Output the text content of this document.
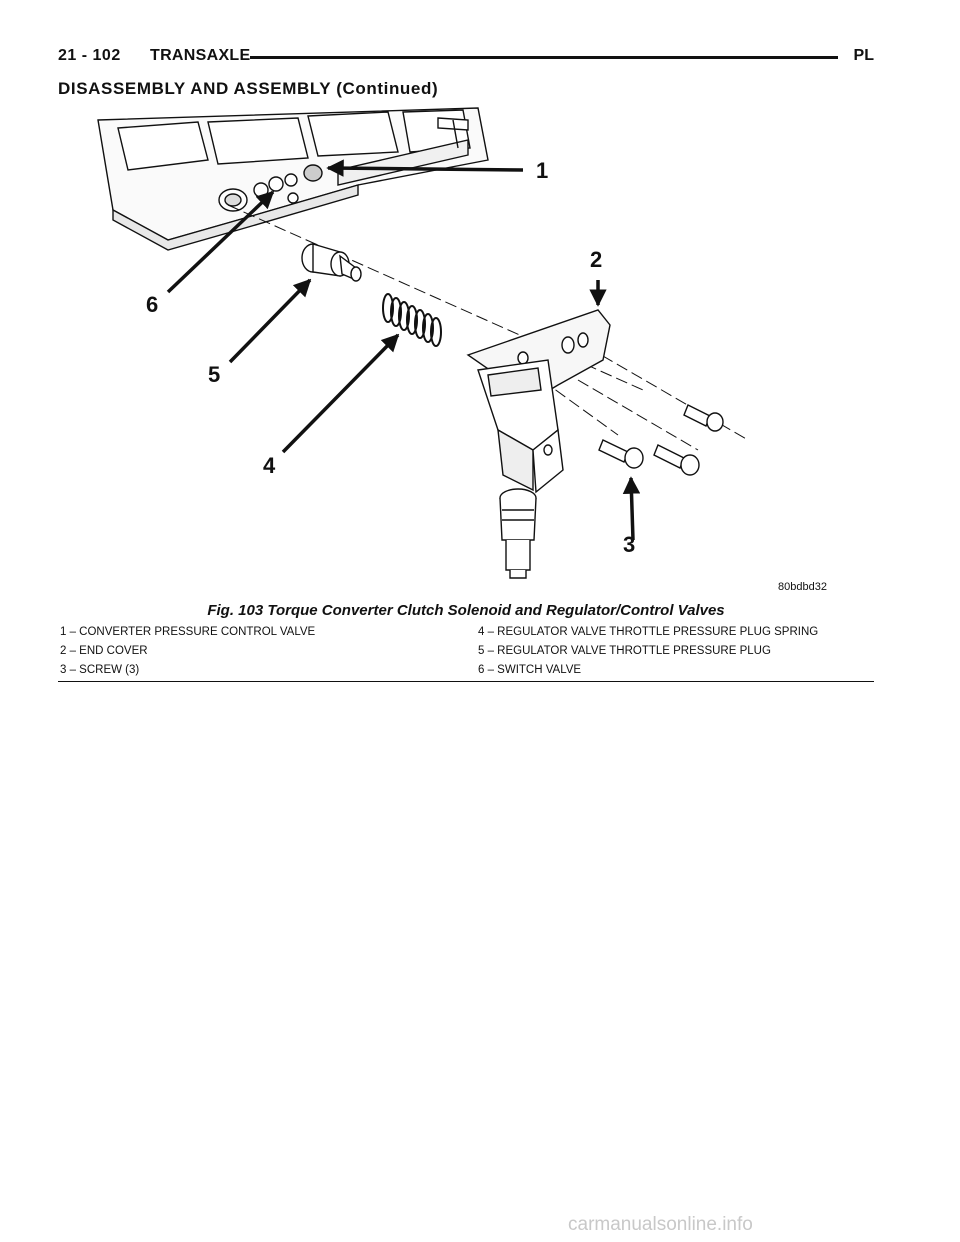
21 - 102 TRANSAXLE	PL
DISASSEMBLY AND ASSEMBLY (Continued)
1
2
3
4
5
6
80bdbd32
Fig. 103 Torque Converter Clutch Solenoid and Regulator/Control Valves
1 – CONVERTER PRESSURE CONTROL VALVE
2 – END COVER
3 – SCREW (3)
4 – REGULATOR VALVE THROTTLE PRESSURE PLUG SPRING
5 – REGULATOR VALVE THROTTLE PRESSURE PLUG
6 – SWITCH VALVE
carmanualsonline.info
